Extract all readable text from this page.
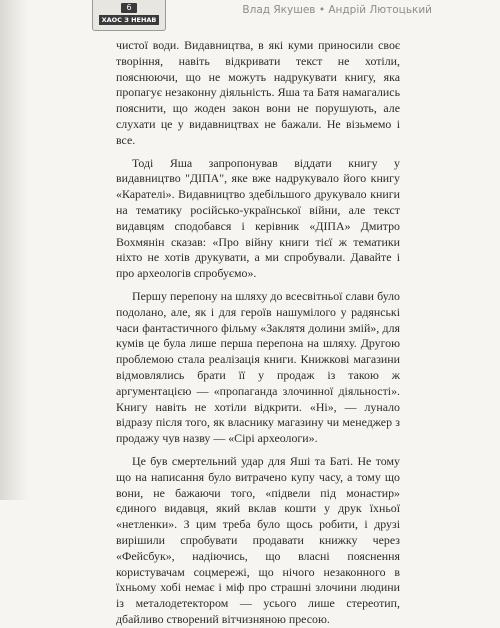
6
ХАОС З НЕНАВ
Влад Якушев • Андрій Лютоцький

чистої води. Видавництва, в які куми приносили своє творіння, навіть відкривати текст не хотіли, пояснюючи, що не можуть надрукувати книгу, яка пропагує незаконну діяльність. Яша та Батя намагались пояснити, що жоден закон вони не порушують, але слухати це у видавництвах не бажали. Не візьмемо і все.

Тоді Яша запропонував віддати книгу у видавництво "ДІПА", яке вже надрукувало його книгу «Карателі». Видавництво здебільшого друкувало книги на тематику російсько-української війни, але текст видавцям сподобався і керівник «ДІПА» Дмитро Вохмянін сказав: «Про війну книги тієї ж тематики ніхто не хотів друкувати, а ми спробували. Давайте і про археологів спробуємо».

Першу перепону на шляху до всесвітньої слави було подолано, але, як і для героїв нашумілого у радянські часи фантастичного фільму «Заклятя долини змій», для кумів це була лише перша перепона на шляху. Другою проблемою стала реалізація книги. Книжкові магазини відмовлялись брати її у продаж із такою ж аргументацією — «пропаганда злочинної діяльності». Книгу навіть не хотіли відкрити. «Ні», — лунало відразу після того, як власнику магазину чи менеджер з продажу чув назву — «Сірі археологи».

Це був смертельний удар для Яші та Баті. Не тому що на написання було витрачено купу часу, а тому що вони, не бажаючи того, «підвели під монастир» єдиного видавця, який вклав кошти у друк їхньої «нетленки». З цим треба було щось робити, і друзі вирішили спробувати продавати книжку через «Фейсбук», надіючись, що власні пояснення користувачам соцмережі, що нічого незаконного в їхньому хобі немає і міф про страшні злочини людини із металодетектором — усього лише стереотип, дбайливо створений вітчизняною пресою.
